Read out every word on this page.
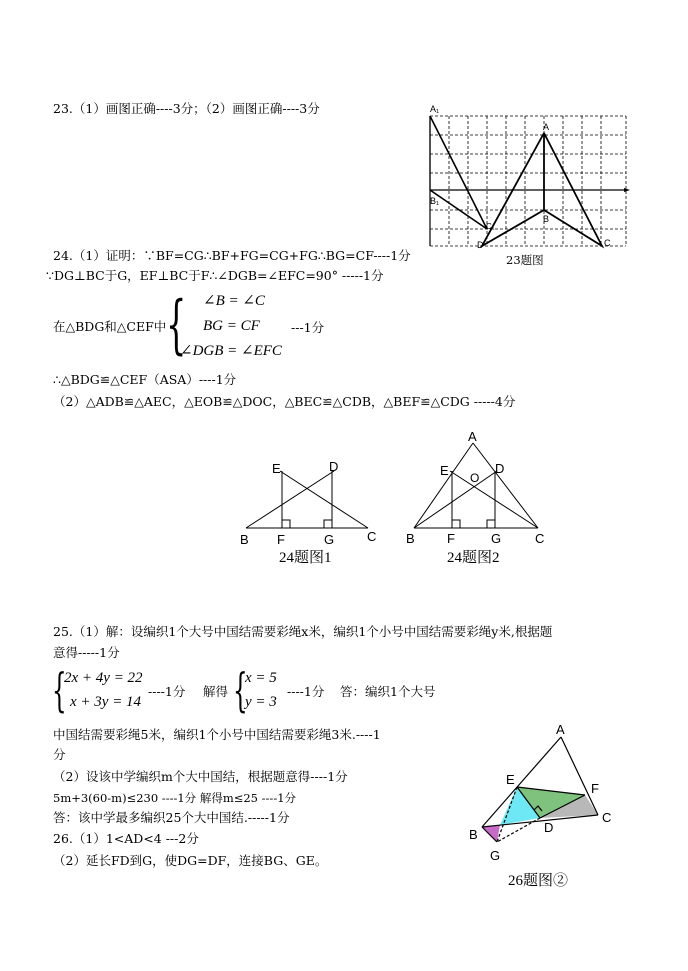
23.（1）画图正确----3分；（2）画图正确----3分	A₁
B₁
A
B
C
C₁
D
23题图
24.（1）证明：∵BF=CG∴BF+FG=CG+FG∴BG=CF----1分
∵DG⊥BC于G，EF⊥BC于F∴∠DGB=∠EFC=90° -----1分
在△BDG和△CEF中 { ∠B = ∠C
BG = CF ---1分
∠DGB = ∠EFC
∴△BDG≌△CEF（ASA）----1分
（2）△ADB≌△AEC，△EOB≌△DOC，△BEC≌△CDB，△BEF≌△CDG -----4分
E	D
B F	G	C
24题图1
A
E	D
O
B F	G	C
24题图2
25.（1）解：设编织1个大号中国结需要彩绳x米，编织1个小号中国结需要彩绳y米,根据题
意得-----1分
{
2x + 4y = 22
x + 3y = 14
----1分 解得 {
x = 5
y = 3
----1分 答：编织1个大号
中国结需要彩绳5米，编织1个小号中国结需要彩绳3米.----1
分
（2）设该中学编织m个大中国结，根据题意得----1分
5m+3(60-m)≤230 ----1分 解得m≤25 ----1分
答：该中学最多编织25个大中国结.-----1分
26.（1）1<AD<4 ---2分
（2）延长FD到G，使DG=DF，连接BG、GE。
A
E
F
B	D
C
G
26题图②
